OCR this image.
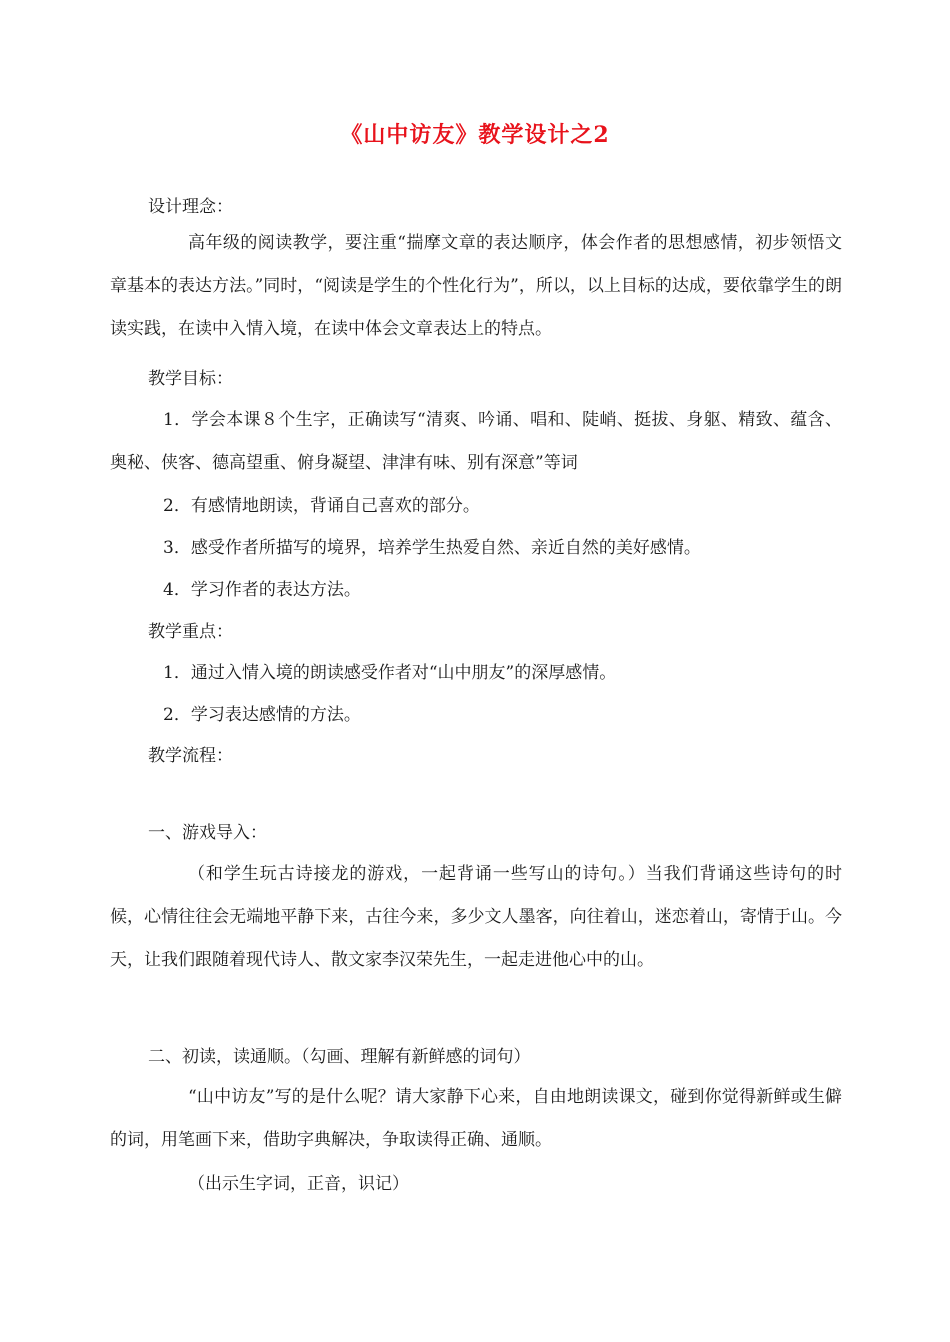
《山中访友》教学设计之2

设计理念：

高年级的阅读教学，要注重“揣摩文章的表达顺序，体会作者的思想感情，初步领悟文章基本的表达方法。”同时，“阅读是学生的个性化行为”，所以，以上目标的达成，要依靠学生的朗读实践，在读中入情入境，在读中体会文章表达上的特点。

教学目标：

1．学会本课８个生字，正确读写“清爽、吟诵、唱和、陡峭、挺拔、身躯、精致、蕴含、奥秘、侠客、德高望重、俯身凝望、津津有味、别有深意”等词

2．有感情地朗读，背诵自己喜欢的部分。

3．感受作者所描写的境界，培养学生热爱自然、亲近自然的美好感情。

4．学习作者的表达方法。

教学重点：

1．通过入情入境的朗读感受作者对“山中朋友”的深厚感情。

2．学习表达感情的方法。

教学流程：

一、游戏导入：

（和学生玩古诗接龙的游戏，一起背诵一些写山的诗句。）当我们背诵这些诗句的时候，心情往往会无端地平静下来，古往今来，多少文人墨客，向往着山，迷恋着山，寄情于山。今天，让我们跟随着现代诗人、散文家李汉荣先生，一起走进他心中的山。

二、初读，读通顺。（勾画、理解有新鲜感的词句）

“山中访友”写的是什么呢？请大家静下心来，自由地朗读课文，碰到你觉得新鲜或生僻的词，用笔画下来，借助字典解决，争取读得正确、通顺。

（出示生字词，正音，识记）
